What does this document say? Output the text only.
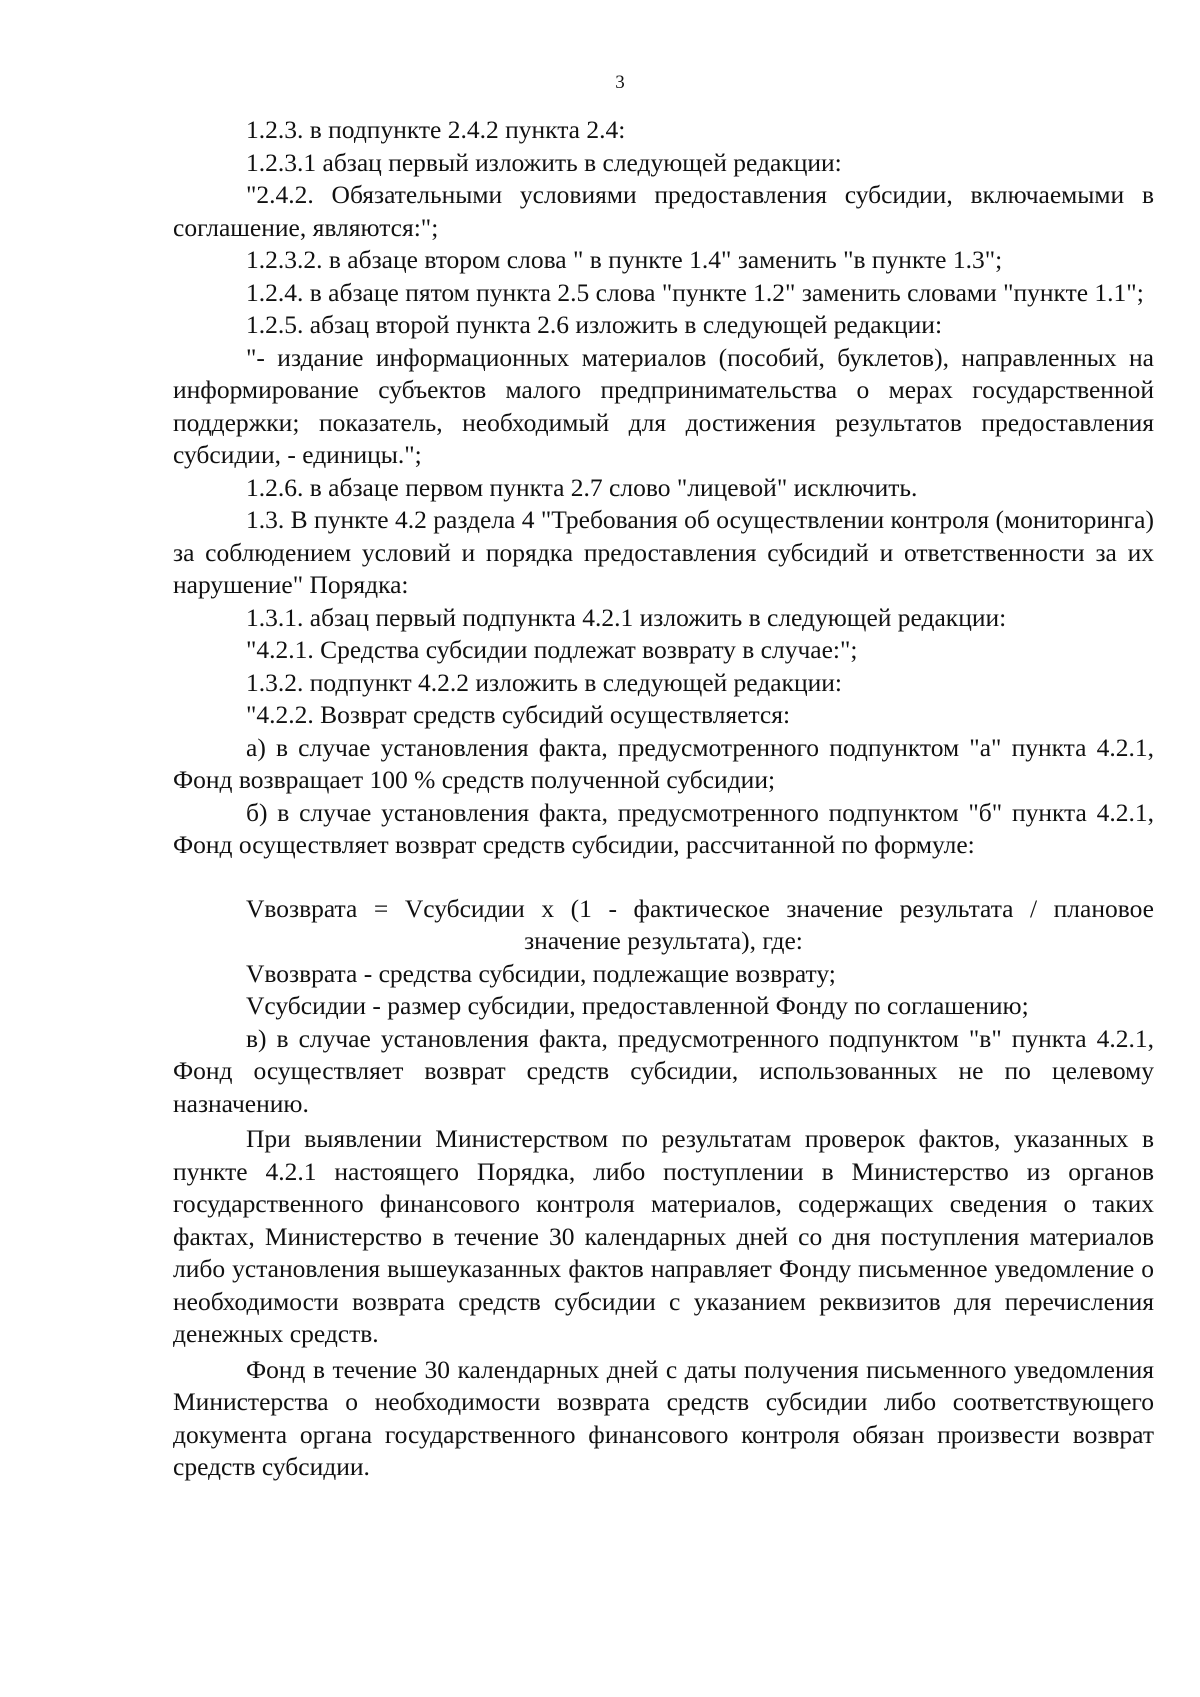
3

1.2.3. в подпункте 2.4.2 пункта 2.4:

1.2.3.1 абзац первый изложить в следующей редакции:

"2.4.2. Обязательными условиями предоставления субсидии, включаемыми в соглашение, являются:";

1.2.3.2. в абзаце втором слова " в пункте 1.4" заменить "в пункте 1.3";

1.2.4. в абзаце пятом пункта 2.5 слова "пункте 1.2" заменить словами "пункте 1.1";

1.2.5. абзац второй пункта 2.6 изложить в следующей редакции:

"- издание информационных материалов (пособий, буклетов), направленных на информирование субъектов малого предпринимательства о мерах государственной поддержки; показатель, необходимый для достижения результатов предоставления субсидии, - единицы.";

1.2.6. в абзаце первом пункта 2.7 слово "лицевой" исключить.

1.3. В пункте 4.2 раздела 4 "Требования об осуществлении контроля (мониторинга) за соблюдением условий и порядка предоставления субсидий и ответственности за их нарушение" Порядка:

1.3.1. абзац первый подпункта 4.2.1 изложить в следующей редакции:

"4.2.1. Средства субсидии подлежат возврату в случае:";

1.3.2. подпункт 4.2.2 изложить в следующей редакции:

"4.2.2. Возврат средств субсидий осуществляется:

а) в случае установления факта, предусмотренного подпунктом "а" пункта 4.2.1, Фонд возвращает 100 % средств полученной субсидии;

б) в случае установления факта, предусмотренного подпунктом "б" пункта 4.2.1, Фонд осуществляет возврат средств субсидии, рассчитанной по формуле:

Vвозврата = Vсубсидии x (1 - фактическое значение результата / плановое значение результата), где:

Vвозврата - средства субсидии, подлежащие возврату;

Vсубсидии - размер субсидии, предоставленной Фонду по соглашению;

в) в случае установления факта, предусмотренного подпунктом "в" пункта 4.2.1, Фонд осуществляет возврат средств субсидии, использованных не по целевому назначению.

При выявлении Министерством по результатам проверок фактов, указанных в пункте 4.2.1 настоящего Порядка, либо поступлении в Министерство из органов государственного финансового контроля материалов, содержащих сведения о таких фактах, Министерство в течение 30 календарных дней со дня поступления материалов либо установления вышеуказанных фактов направляет Фонду письменное уведомление о необходимости возврата средств субсидии с указанием реквизитов для перечисления денежных средств.

Фонд в течение 30 календарных дней с даты получения письменного уведомления Министерства о необходимости возврата средств субсидии либо соответствующего документа органа государственного финансового контроля обязан произвести возврат средств субсидии.
